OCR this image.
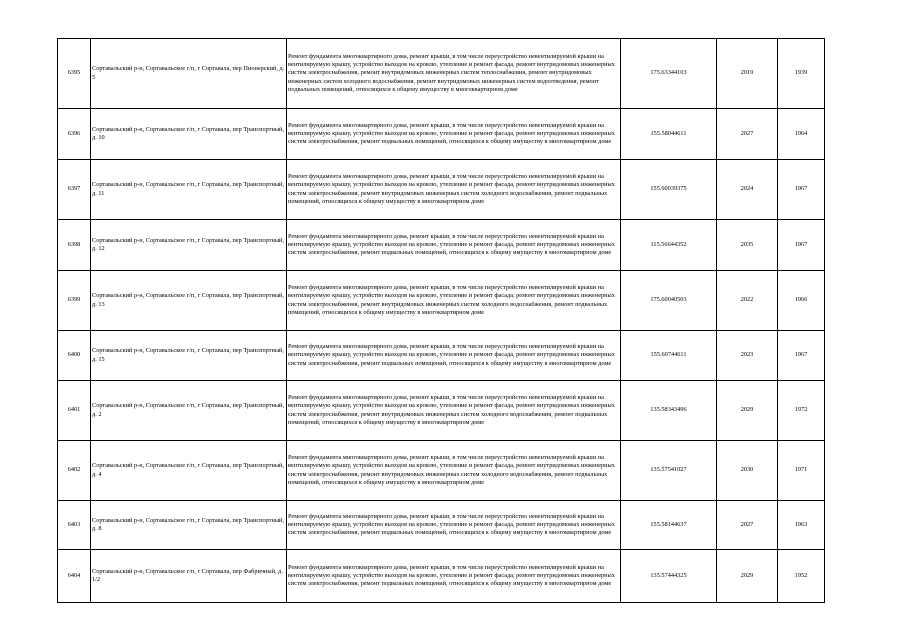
6395	Сортавальский р-н, Сортавальское г/п, г Сортавала, пер Пионерский, д. 5	Ремонт фундамента многоквартирного дома, ремонт крыши, в том числе переустройство невентилируемой крыши на вентилируемую крышу, устройство выходов на кровлю, утепление и ремонт фасада, ремонт внутридомовых инженерных систем электроснабжения, ремонт внутридомовых инженерных систем теплоснабжения, ремонт внутридомовых инженерных систем холодного водоснабжения, ремонт внутридомовых инженерных систем водоотведения, ремонт подвальных помещений, относящихся к общему имуществу в многоквартирном доме	175.63344103	2019	1939
6396	Сортавальский р-н, Сортавальское г/п, г Сортавала, пер Транспортный, д. 10	Ремонт фундамента многоквартирного дома, ремонт крыши, в том числе переустройство невентилируемой крыши на вентилируемую крышу, устройство выходов на кровлю, утепление и ремонт фасада, ремонт внутридомовых инженерных систем электроснабжения, ремонт подвальных помещений, относящихся к общему имуществу в многоквартирном доме	155.58044611	2027	1964
6397	Сортавальский р-н, Сортавальское г/п, г Сортавала, пер Транспортный, д. 11	Ремонт фундамента многоквартирного дома, ремонт крыши, в том числе переустройство невентилируемой крыши на вентилируемую крышу, устройство выходов на кровлю, утепление и ремонт фасада, ремонт внутридомовых инженерных систем электроснабжения, ремонт внутридомовых инженерных систем холодного водоснабжения, ремонт подвальных помещений, относящихся к общему имуществу в многоквартирном доме	155.60039375	2024	1967
6398	Сортавальский р-н, Сортавальское г/п, г Сортавала, пер Транспортный, д. 12	Ремонт фундамента многоквартирного дома, ремонт крыши, в том числе переустройство невентилируемой крыши на вентилируемую крышу, устройство выходов на кровлю, утепление и ремонт фасада, ремонт внутридомовых инженерных систем электроснабжения, ремонт подвальных помещений, относящихся к общему имуществу в многоквартирном доме	115.56644352	2035	1967
6399	Сортавальский р-н, Сортавальское г/п, г Сортавала, пер Транспортный, д. 13	Ремонт фундамента многоквартирного дома, ремонт крыши, в том числе переустройство невентилируемой крыши на вентилируемую крышу, устройство выходов на кровлю, утепление и ремонт фасада, ремонт внутридомовых инженерных систем электроснабжения, ремонт внутридомовых инженерных систем холодного водоснабжения, ремонт подвальных помещений, относящихся к общему имуществу в многоквартирном доме	175.60040503	2022	1966
6400	Сортавальский р-н, Сортавальское г/п, г Сортавала, пер Транспортный, д. 15	Ремонт фундамента многоквартирного дома, ремонт крыши, в том числе переустройство невентилируемой крыши на вентилируемую крышу, устройство выходов на кровлю, утепление и ремонт фасада, ремонт внутридомовых инженерных систем электроснабжения, ремонт подвальных помещений, относящихся к общему имуществу в многоквартирном доме	155.60744611	2023	1967
6401	Сортавальский р-н, Сортавальское г/п, г Сортавала, пер Транспортный, д. 2	Ремонт фундамента многоквартирного дома, ремонт крыши, в том числе переустройство невентилируемой крыши на вентилируемую крышу, устройство выходов на кровлю, утепление и ремонт фасада, ремонт внутридомовых инженерных систем электроснабжения, ремонт внутридомовых инженерных систем холодного водоснабжения, ремонт подвальных помещений, относящихся к общему имуществу в многоквартирном доме	135.58343496	2029	1972
6402	Сортавальский р-н, Сортавальское г/п, г Сортавала, пер Транспортный, д. 4	Ремонт фундамента многоквартирного дома, ремонт крыши, в том числе переустройство невентилируемой крыши на вентилируемую крышу, устройство выходов на кровлю, утепление и ремонт фасада, ремонт внутридомовых инженерных систем электроснабжения, ремонт внутридомовых инженерных систем холодного водоснабжения, ремонт подвальных помещений, относящихся к общему имуществу в многоквартирном доме	135.57541027	2030	1971
6403	Сортавальский р-н, Сортавальское г/п, г Сортавала, пер Транспортный, д. 8	Ремонт фундамента многоквартирного дома, ремонт крыши, в том числе переустройство невентилируемой крыши на вентилируемую крышу, устройство выходов на кровлю, утепление и ремонт фасада, ремонт внутридомовых инженерных систем электроснабжения, ремонт подвальных помещений, относящихся к общему имуществу в многоквартирном доме	155.58144637	2027	1963
6404	Сортавальский р-н, Сортавальское г/п, г Сортавала, пер Фабричный, д. 1/2	Ремонт фундамента многоквартирного дома, ремонт крыши, в том числе переустройство невентилируемой крыши на вентилируемую крышу, устройство выходов на кровлю, утепление и ремонт фасада, ремонт внутридомовых инженерных систем электроснабжения, ремонт подвальных помещений, относящихся к общему имуществу в многоквартирном доме	135.57444325	2029	1952
